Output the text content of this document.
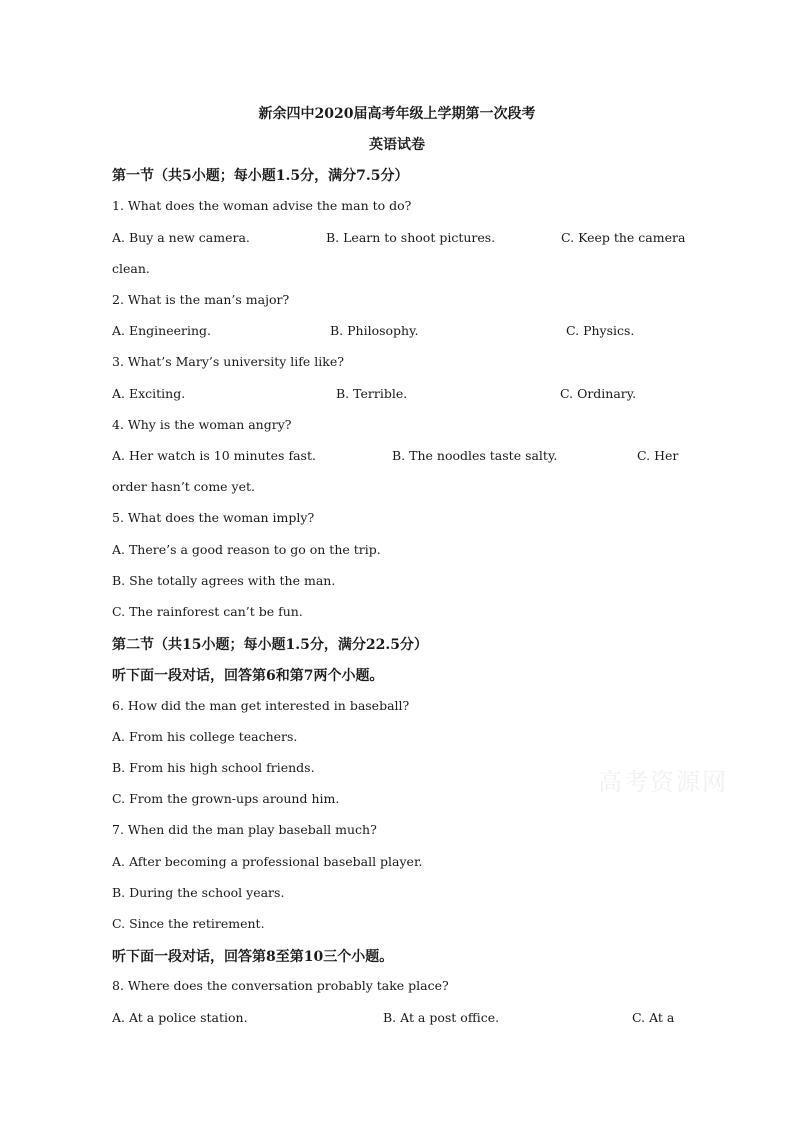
新余四中2020届高考年级上学期第一次段考
英语试卷
第一节（共5小题；每小题1.5分，满分7.5分）
1. What does the woman advise the man to do?
A. Buy a new camera.	B. Learn to shoot pictures.	C. Keep the camera
clean.
2. What is the man’s major?
A. Engineering.	B. Philosophy.	C. Physics.
3. What’s Mary’s university life like?
A. Exciting.	B. Terrible.	C. Ordinary.
4. Why is the woman angry?
A. Her watch is 10 minutes fast.	B. The noodles taste salty.	C. Her
order hasn’t come yet.
5. What does the woman imply?
A. There’s a good reason to go on the trip.
B. She totally agrees with the man.
C. The rainforest can’t be fun.
第二节（共15小题；每小题1.5分，满分22.5分）
听下面一段对话，回答第6和第7两个小题。
6. How did the man get interested in baseball?
A. From his college teachers.
B. From his high school friends.
C. From the grown-ups around him.
7. When did the man play baseball much?
A. After becoming a professional baseball player.
B. During the school years.
C. Since the retirement.
听下面一段对话，回答第8至第10三个小题。
8. Where does the conversation probably take place?
A. At a police station.	B. At a post office.	C. At a
高考资源网
